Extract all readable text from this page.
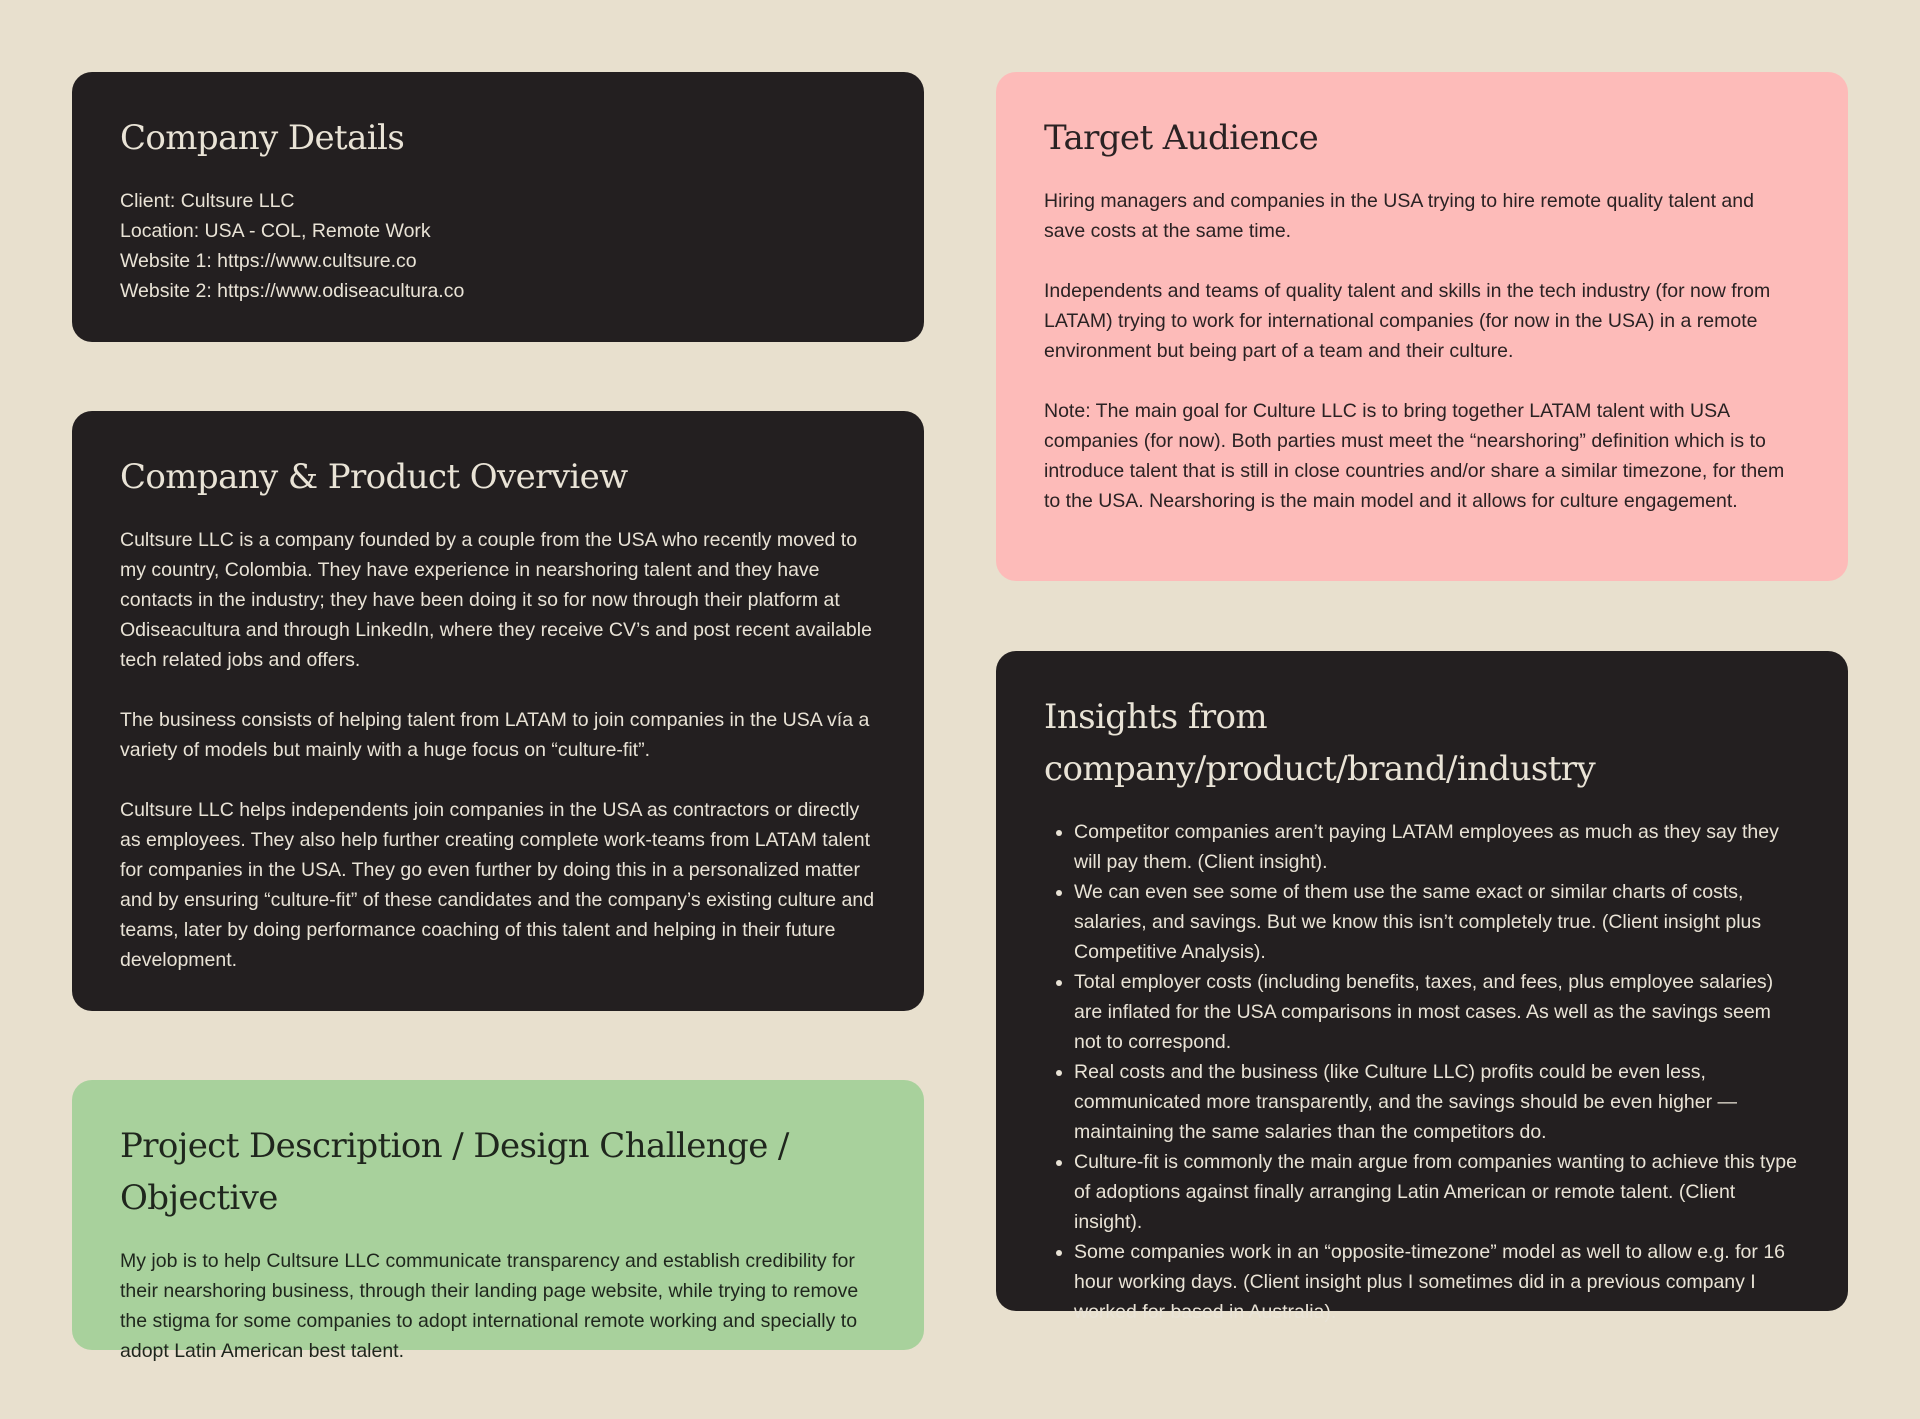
Company Details
Client: Cultsure LLC
Location: USA - COL, Remote Work
Website 1: https://www.cultsure.co
Website 2: https://www.odiseacultura.co
Company & Product Overview

Cultsure LLC is a company founded by a couple from the USA who recently moved to my country, Colombia. They have experience in nearshoring talent and they have contacts in the industry; they have been doing it so for now through their platform at Odiseacultura and through LinkedIn, where they receive CV’s and post recent available tech related jobs and offers.

The business consists of helping talent from LATAM to join companies in the USA vía a variety of models but mainly with a huge focus on “culture-fit”.

Cultsure LLC helps independents join companies in the USA as contractors or directly as employees. They also help further creating complete work-teams from LATAM talent for companies in the USA. They go even further by doing this in a personalized matter and by ensuring “culture-fit” of these candidates and the company’s existing culture and teams, later by doing performance coaching of this talent and helping in their future development.

Project Description / Design Challenge / Objective

My job is to help Cultsure LLC communicate transparency and establish credibility for their nearshoring business, through their landing page website, while trying to remove the stigma for some companies to adopt international remote working and specially to adopt Latin American best talent.

Target Audience

Hiring managers and companies in the USA trying to hire remote quality talent and save costs at the same time.

Independents and teams of quality talent and skills in the tech industry (for now from LATAM) trying to work for international companies (for now in the USA) in a remote environment but being part of a team and their culture.

Note: The main goal for Culture LLC is to bring together LATAM talent with USA companies (for now). Both parties must meet the “nearshoring” definition which is to introduce talent that is still in close countries and/or share a similar timezone, for them to the USA. Nearshoring is the main model and it allows for culture engagement.

Insights from company/product/brand/industry
• Competitor companies aren’t paying LATAM employees as much as they say they will pay them. (Client insight).
• We can even see some of them use the same exact or similar charts of costs, salaries, and savings. But we know this isn’t completely true. (Client insight plus Competitive Analysis).
• Total employer costs (including benefits, taxes, and fees, plus employee salaries) are inflated for the USA comparisons in most cases. As well as the savings seem not to correspond.
• Real costs and the business (like Culture LLC) profits could be even less, communicated more transparently, and the savings should be even higher —maintaining the same salaries than the competitors do.
• Culture-fit is commonly the main argue from companies wanting to achieve this type of adoptions against finally arranging Latin American or remote talent. (Client insight).
• Some companies work in an “opposite-timezone” model as well to allow e.g. for 16 hour working days. (Client insight plus I sometimes did in a previous company I worked for based in Australia).
